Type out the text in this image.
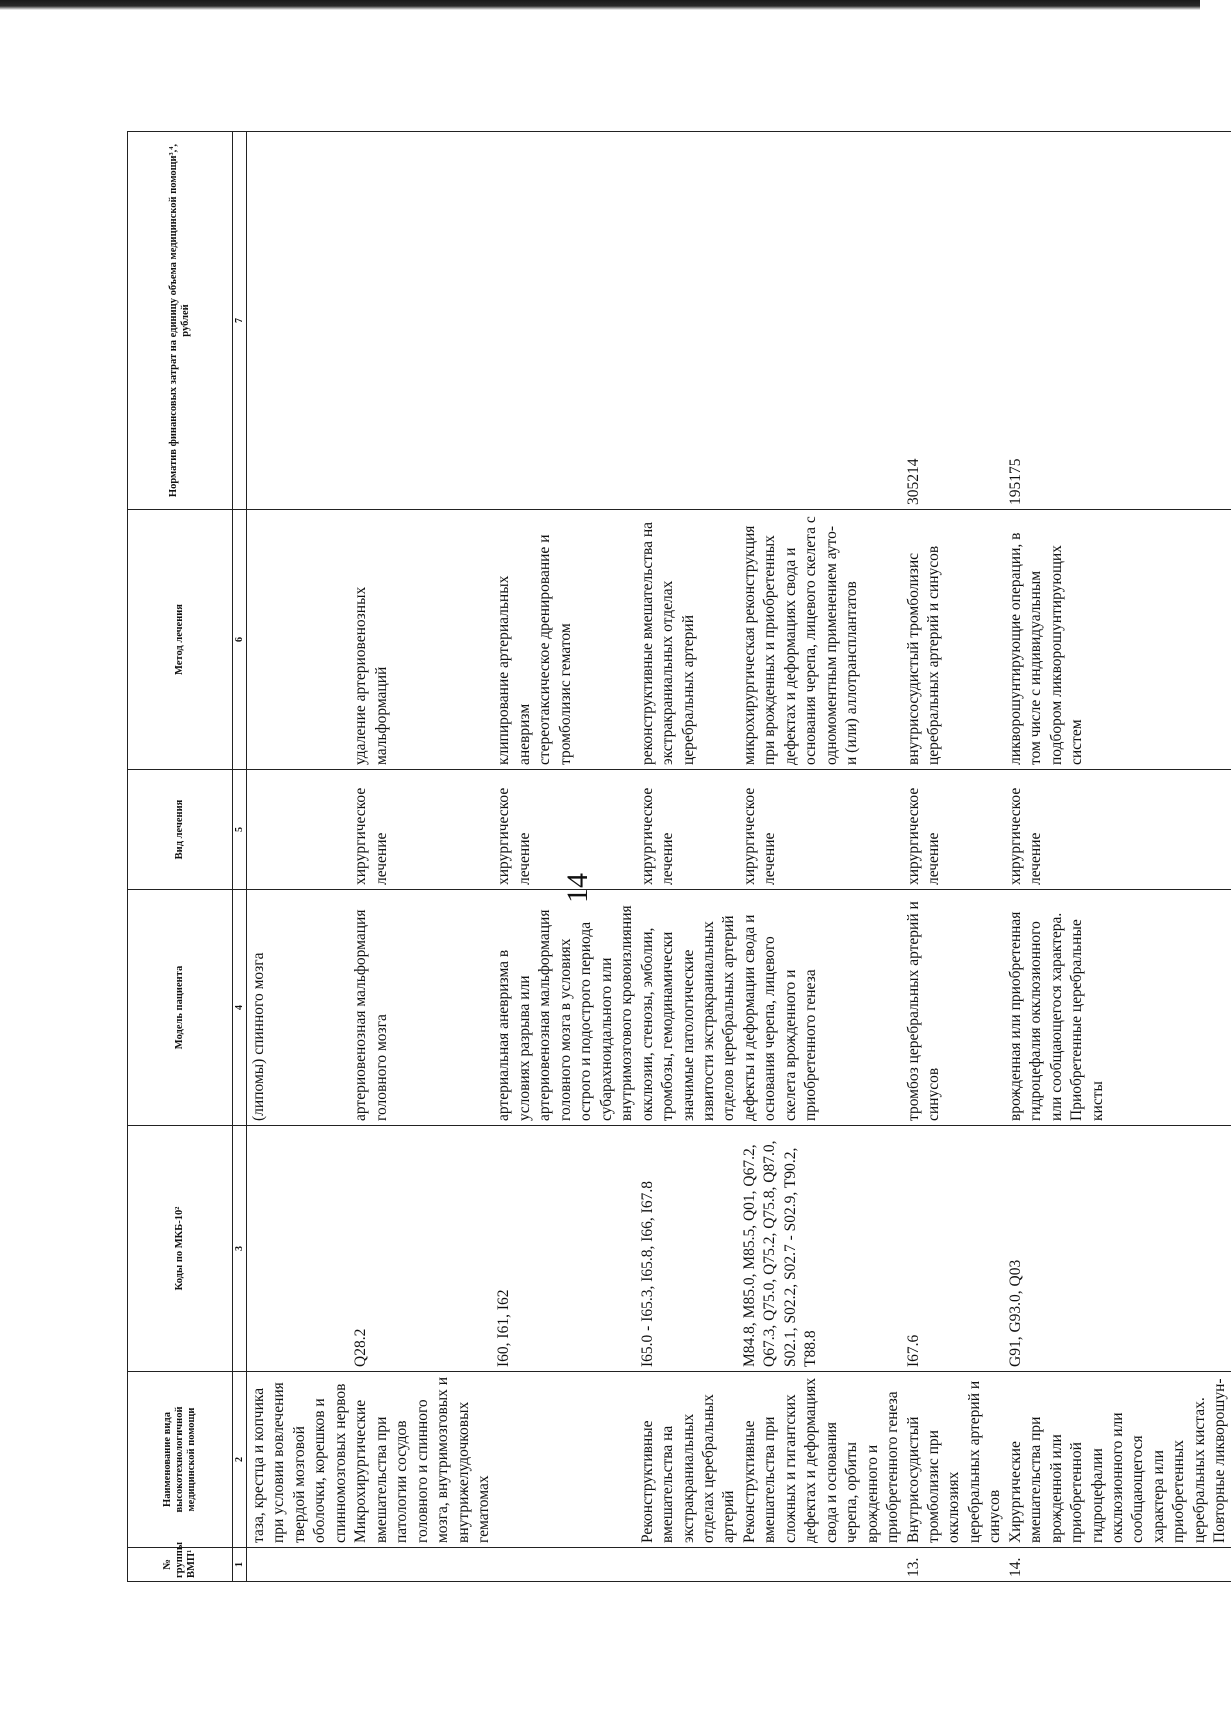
14
№ группы ВМП¹	Наименование вида высокотехнологичной медицинской помощи	Коды по МКБ-10²	Модель пациента	Вид лечения	Метод лечения	Норматив финансовых затрат на единицу объема медицинской помощи³,⁴, рублей
1	2	3	4	5	6	7
	таза, крестца и копчика при условии вовлечения твердой мозговой оболочки, корешков и спинномозговых нервов		(липомы) спинного мозга			
	Микрохирургические вмешательства при патологии сосудов головного и спинного мозга, внутримозговых и внутрижелудочковых гематомах	Q28.2	артериовенозная мальформация головного мозга	хирургическое лечение	удаление артериовенозных мальформаций	
		I60, I61, I62	артериальная аневризма в условиях разрыва или артериовенозная мальформация головного мозга в условиях острого и подострого периода субарахноидального или внутримозгового кровоизлияния	хирургическое лечение	клипирование артериальных аневризм стереотаксическое дренирование и тромболизис гематом	

	Реконструктивные вмешательства на экстракраниальных отделах церебральных артерий	I65.0 - I65.3, I65.8, I66, I67.8	окклюзии, стенозы, эмболии, тромбозы, гемодинамически значимые патологические извитости экстракраниальных отделов церебральных артерий	хирургическое лечение	реконструктивные вмешательства на экстракраниальных отделах церебральных артерий	
	Реконструктивные вмешательства при сложных и гигантских дефектах и деформациях свода и основания черепа, орбиты врожденного и приобретенного генеза	M84.8, M85.0, M85.5, Q01, Q67.2, Q67.3, Q75.0, Q75.2, Q75.8, Q87.0, S02.1, S02.2, S02.7 - S02.9, T90.2, T88.8	дефекты и деформации свода и основания черепа, лицевого скелета врожденного и приобретенного генеза	хирургическое лечение	микрохирургическая реконструкция при врожденных и приобретенных дефектах и деформациях свода и основания черепа, лицевого скелета с одномоментным применением ауто- и (или) аллотрансплантатов	
13.	Внутрисосудистый тромболизис при окклюзиях церебральных артерий и синусов	I67.6	тромбоз церебральных артерий и синусов	хирургическое лечение	внутрисосудистый тромболизис церебральных артерий и синусов	305214
14.	Хирургические вмешательства при врожденной или приобретенной гидроцефалии окклюзионного или сообщающегося характера или приобретенных церебральных кистах. Повторные ликворошун-	G91, G93.0, Q03	врожденная или приобретенная гидроцефалия окклюзионного или сообщающегося характера. Приобретенные церебральные кисты	хирургическое лечение	ликворошунтирующие операции, в том числе с индивидуальным подбором ликворошунтирующих систем	195175
